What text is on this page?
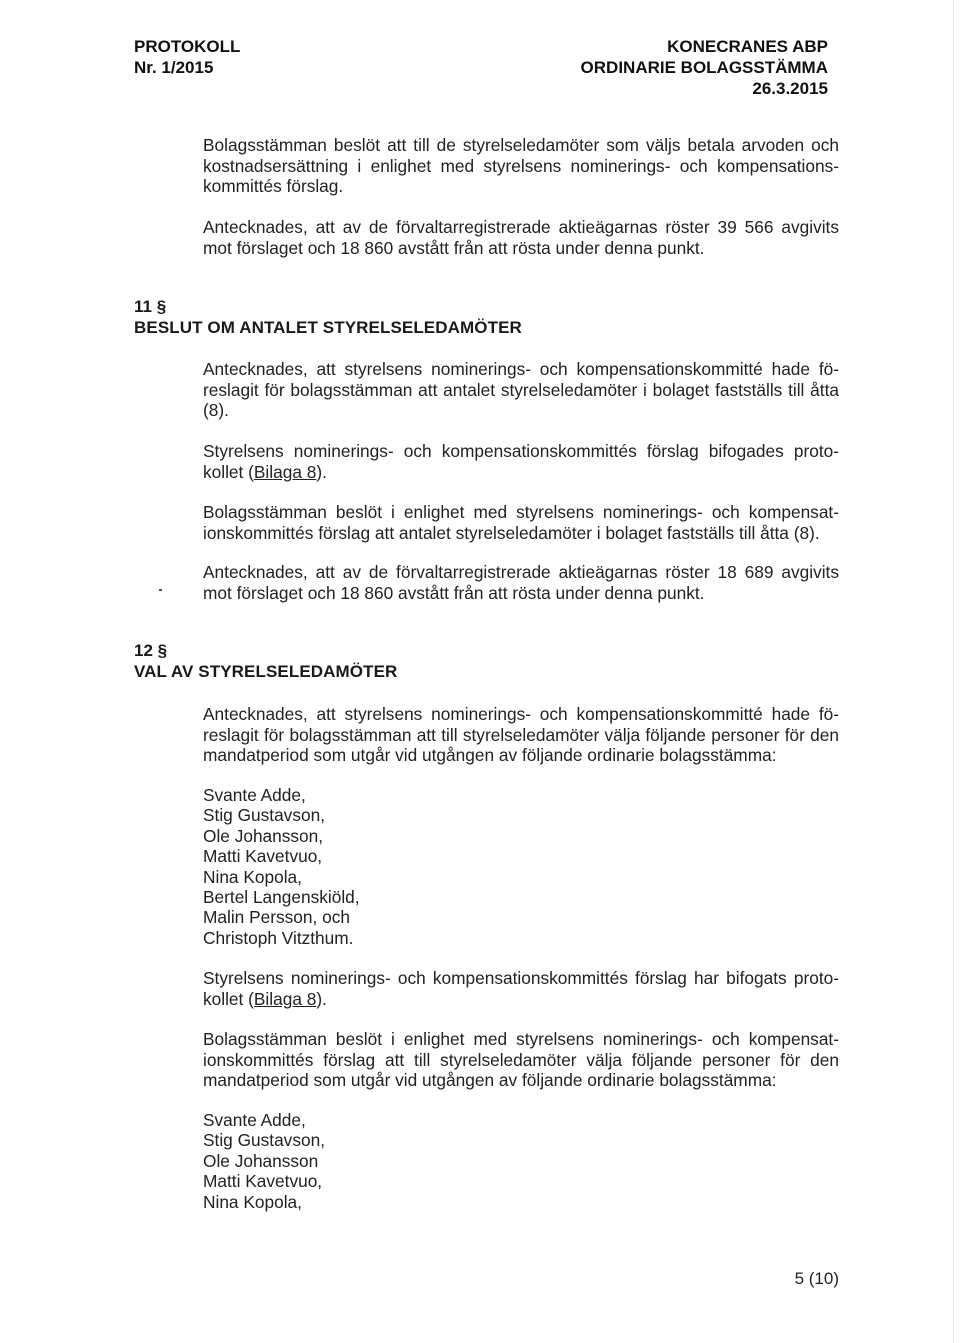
PROTOKOLL
Nr. 1/2015
KONECRANES ABP
ORDINARIE BOLAGSSTÄMMA
26.3.2015

Bolagsstämman beslöt att till de styrelseledamöter som väljs betala arvoden och kostnadsersättning i enlighet med styrelsens nominerings- och kompensations-kommittés förslag.

Antecknades, att av de förvaltarregistrerade aktieägarnas röster 39 566 avgivits mot förslaget och 18 860 avstått från att rösta under denna punkt.

11 §
BESLUT OM ANTALET STYRELSELEDAMÖTER

Antecknades, att styrelsens nominerings- och kompensationskommitté hade fö-reslagit för bolagsstämman att antalet styrelseledamöter i bolaget fastställs till åtta (8).

Styrelsens nominerings- och kompensationskommittés förslag bifogades proto-kollet (Bilaga 8).

Bolagsstämman beslöt i enlighet med styrelsens nominerings- och kompensat-ionskommittés förslag att antalet styrelseledamöter i bolaget fastställs till åtta (8).

Antecknades, att av de förvaltarregistrerade aktieägarnas röster 18 689 avgivits mot förslaget och 18 860 avstått från att rösta under denna punkt.

12 §
VAL AV STYRELSELEDAMÖTER

Antecknades, att styrelsens nominerings- och kompensationskommitté hade fö-reslagit för bolagsstämman att till styrelseledamöter välja följande personer för den mandatperiod som utgår vid utgången av följande ordinarie bolagsstämma:

Svante Adde,
Stig Gustavson,
Ole Johansson,
Matti Kavetvuo,
Nina Kopola,
Bertel Langenskiöld,
Malin Persson, och
Christoph Vitzthum.

Styrelsens nominerings- och kompensationskommittés förslag har bifogats proto-kollet (Bilaga 8).

Bolagsstämman beslöt i enlighet med styrelsens nominerings- och kompensat-ionskommittés förslag att till styrelseledamöter välja följande personer för den mandatperiod som utgår vid utgången av följande ordinarie bolagsstämma:

Svante Adde,
Stig Gustavson,
Ole Johansson
Matti Kavetvuo,
Nina Kopola,
5 (10)
